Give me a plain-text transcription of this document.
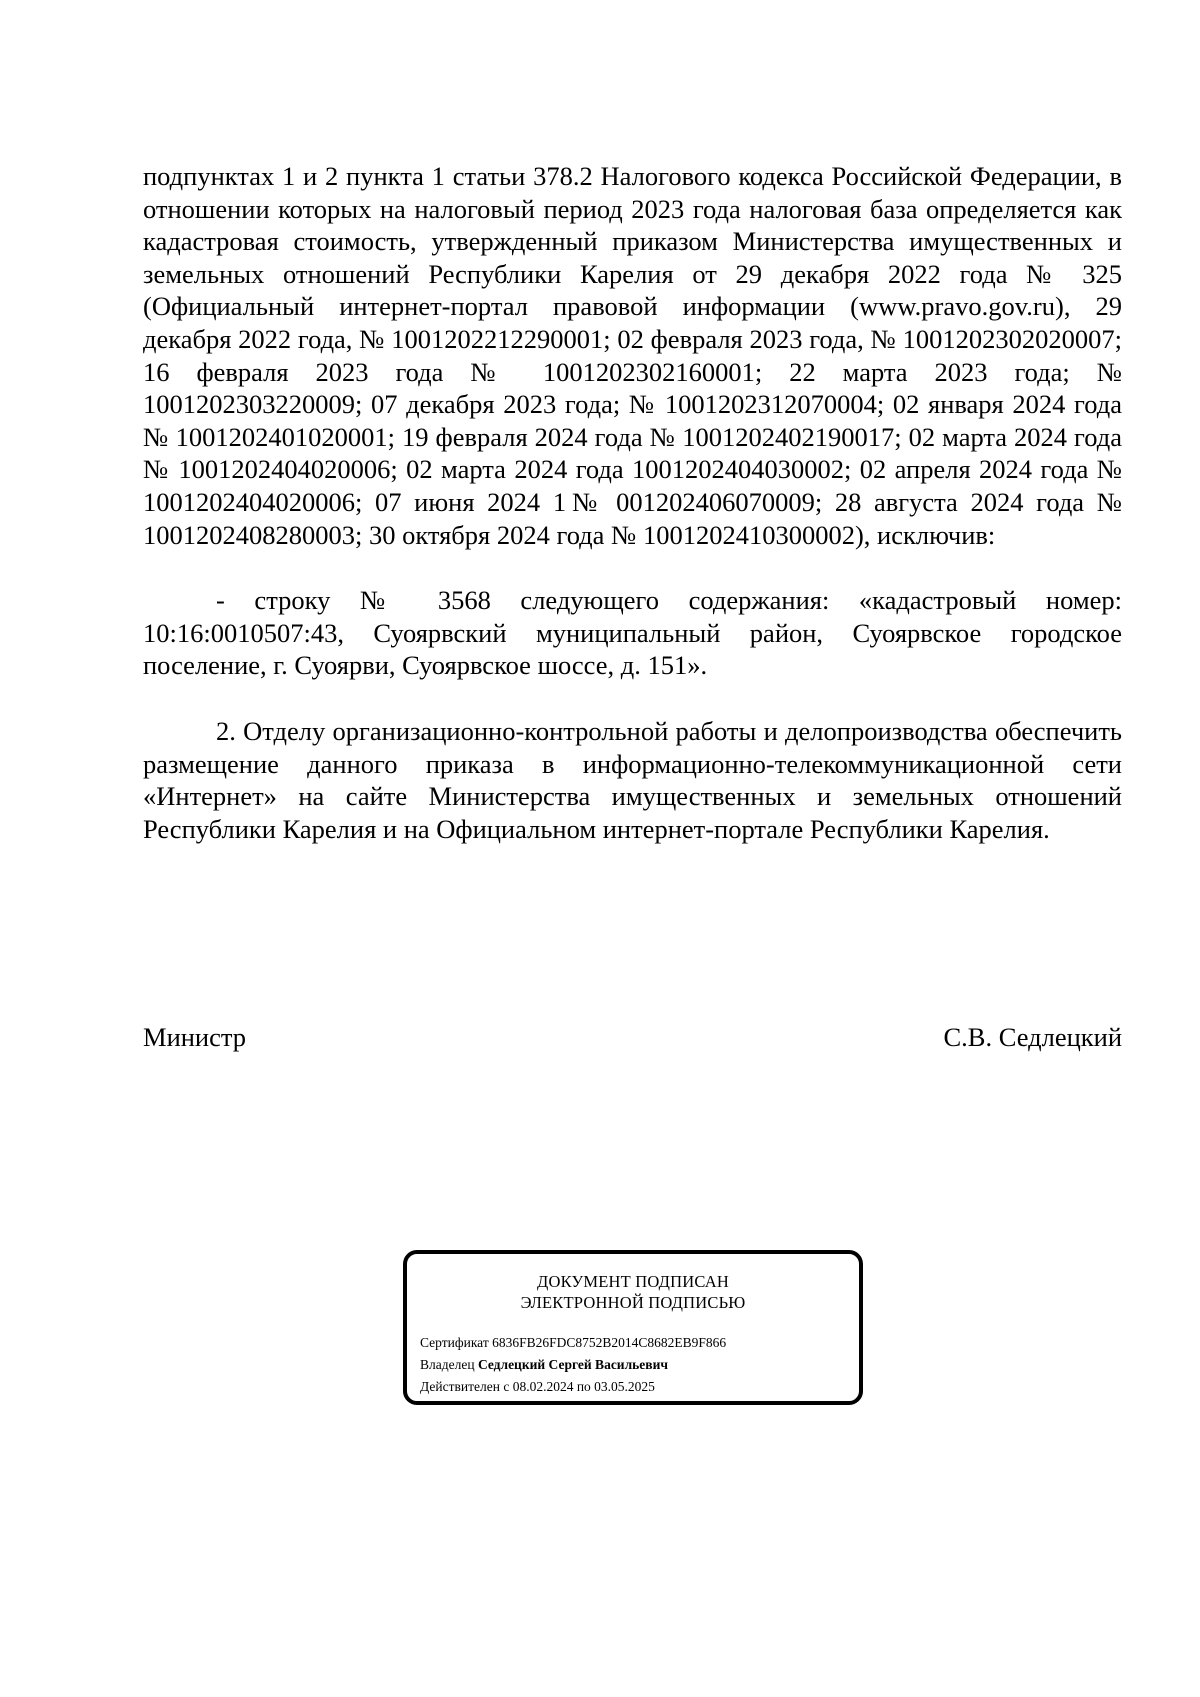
подпунктах 1 и 2 пункта 1 статьи 378.2 Налогового кодекса Российской Федерации, в отношении которых на налоговый период 2023 года налоговая база определяется как кадастровая стоимость, утвержденный приказом Министерства имущественных и земельных отношений Республики Карелия от 29 декабря 2022 года № 325 (Официальный интернет-портал правовой информации (www.pravo.gov.ru), 29 декабря 2022 года, № 1001202212290001; 02 февраля 2023 года, № 1001202302020007; 16 февраля 2023 года № 1001202302160001; 22 марта 2023 года; № 1001202303220009; 07 декабря 2023 года; № 1001202312070004; 02 января 2024 года № 1001202401020001; 19 февраля 2024 года № 1001202402190017; 02 марта 2024 года № 1001202404020006; 02 марта 2024 года 1001202404030002; 02 апреля 2024 года № 1001202404020006; 07 июня 2024 1№ 001202406070009; 28 августа 2024 года № 1001202408280003; 30 октября 2024 года № 1001202410300002), исключив:

- строку № 3568 следующего содержания: «кадастровый номер: 10:16:0010507:43, Суоярвский муниципальный район, Суоярвское городское поселение, г. Суоярви, Суоярвское шоссе, д. 151».

2. Отделу организационно-контрольной работы и делопроизводства обеспечить размещение данного приказа в информационно-телекоммуникационной сети «Интернет» на сайте Министерства имущественных и земельных отношений Республики Карелия и на Официальном интернет-портале Республики Карелия.

Министр	С.В. Седлецкий
ДОКУМЕНТ ПОДПИСАН
ЭЛЕКТРОННОЙ ПОДПИСЬЮ
Сертификат 6836FB26FDC8752B2014C8682EB9F866
Владелец Седлецкий Сергей Васильевич
Действителен с 08.02.2024 по 03.05.2025
